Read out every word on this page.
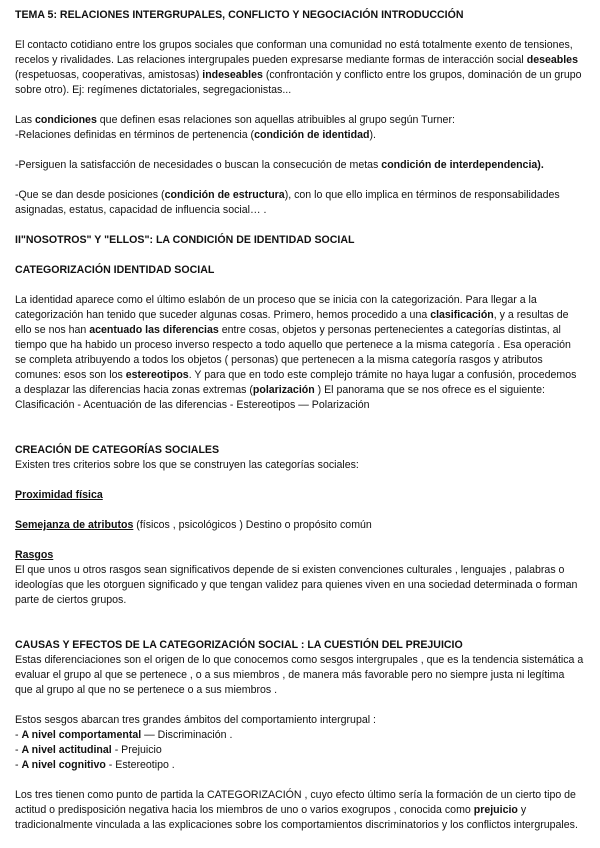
TEMA 5: RELACIONES INTERGRUPALES, CONFLICTO Y NEGOCIACIÓN INTRODUCCIÓN

El contacto cotidiano entre los grupos sociales que conforman una comunidad no está totalmente exento de tensiones, recelos y rivalidades. Las relaciones intergrupales pueden expresarse mediante formas de interacción social deseables (respetuosas, cooperativas, amistosas) indeseables (confrontación y conflicto entre los grupos, dominación de un grupo sobre otro). Ej: regímenes dictatoriales, segregacionistas...

Las condiciones que definen esas relaciones son aquellas atribuibles al grupo según Turner:

-Relaciones definidas en términos de pertenencia (condición de identidad).

-Persiguen la satisfacción de necesidades o buscan la consecución de metas condición de interdependencia).

-Que se dan desde posiciones (condición de estructura), con lo que ello implica en términos de responsabilidades asignadas, estatus, capacidad de influencia social… .

II"NOSOTROS" Y "ELLOS": LA CONDICIÓN DE IDENTIDAD SOCIAL

CATEGORIZACIÓN IDENTIDAD SOCIAL

La identidad aparece como el último eslabón de un proceso que se inicia con la categorización. Para llegar a la categorización han tenido que suceder algunas cosas. Primero, hemos procedido a una clasificación, y a resultas de ello se nos han acentuado las diferencias entre cosas, objetos y personas pertenecientes a categorías distintas, al tiempo que ha habido un proceso inverso respecto a todo aquello que pertenece a la misma categoría . Esa operación se completa atribuyendo a todos los objetos ( personas) que pertenecen a la misma categoría rasgos y atributos comunes: esos son los estereotipos. Y para que en todo este complejo trámite no haya lugar a confusión, procedemos a desplazar las diferencias hacia zonas extremas (polarización ) El panorama que se nos ofrece es el siguiente:

Clasificación - Acentuación de las diferencias - Estereotipos — Polarización

CREACIÓN DE CATEGORÍAS SOCIALES

Existen tres criterios sobre los que se construyen las categorías sociales:

Proximidad física

Semejanza de atributos (físicos , psicológicos ) Destino o propósito común

Rasgos

El que unos u otros rasgos sean significativos depende de si existen convenciones culturales , lenguajes , palabras o ideologías que les otorguen significado y que tengan validez para quienes viven en una sociedad determinada o forman parte de ciertos grupos.

CAUSAS Y EFECTOS DE LA CATEGORIZACIÓN SOCIAL : LA CUESTIÓN DEL PREJUICIO

Estas diferenciaciones son el origen de lo que conocemos como sesgos intergrupales , que es la tendencia sistemática a evaluar el grupo al que se pertenece , o a sus miembros , de manera más favorable pero no siempre justa ni legítima que al grupo al que no se pertenece o a sus miembros .

Estos sesgos abarcan tres grandes ámbitos del comportamiento intergrupal :

- A nivel comportamental — Discriminación .

- A nivel actitudinal - Prejuicio

- A nivel cognitivo - Estereotipo .

Los tres tienen como punto de partida la CATEGORIZACIÓN , cuyo efecto último sería la formación de un cierto tipo de actitud o predisposición negativa hacia los miembros de uno o varios exogrupos , conocida como prejuicio y tradicionalmente vinculada a las explicaciones sobre los comportamientos discriminatorios y los conflictos intergrupales.
